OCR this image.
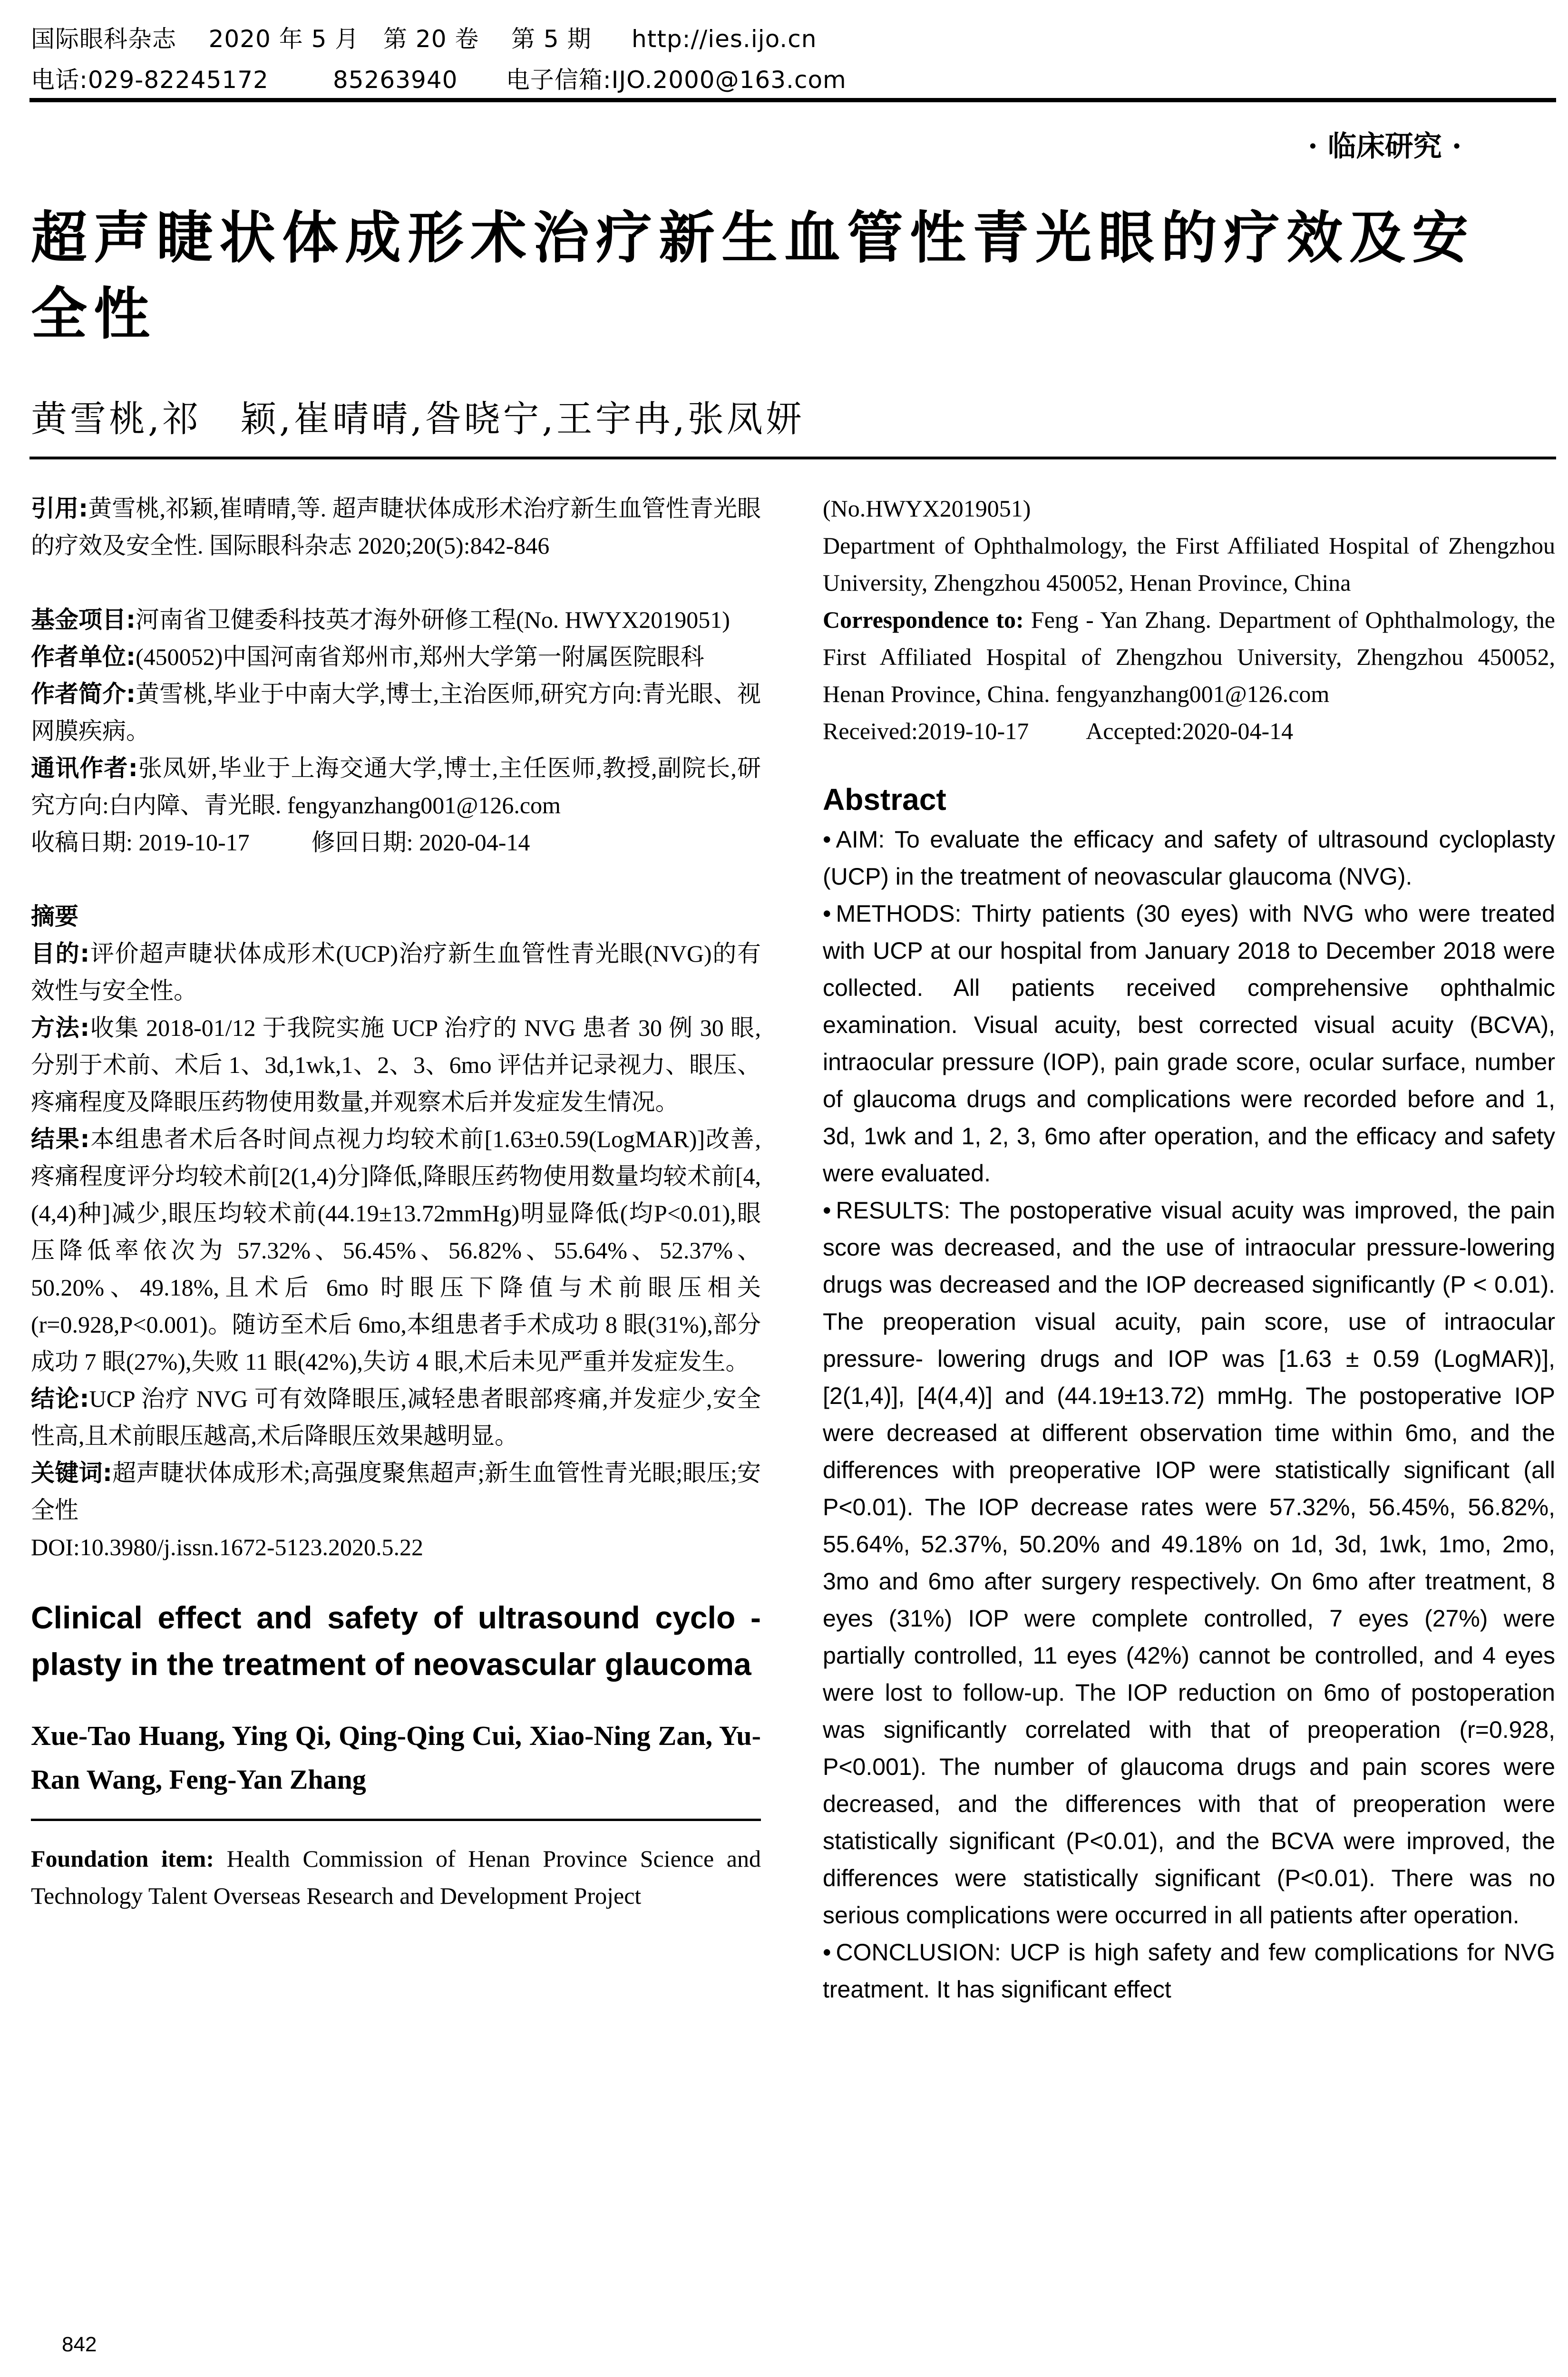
国际眼科杂志    2020 年 5 月   第 20 卷    第 5 期     http://ies.ijo.cn
电话:029-82245172        85263940      电子信箱:IJO.2000@163.com
· 临床研究 ·
超声睫状体成形术治疗新生血管性青光眼的疗效及安
全性
黄雪桃,祁　颖,崔晴晴,昝晓宁,王宇冉,张凤妍

引用:黄雪桃,祁颖,崔晴晴,等. 超声睫状体成形术治疗新生血管性青光眼的疗效及安全性. 国际眼科杂志 2020;20(5):842-846

基金项目:河南省卫健委科技英才海外研修工程(No. HWYX2019051)

作者单位:(450052)中国河南省郑州市,郑州大学第一附属医院眼科

作者简介:黄雪桃,毕业于中南大学,博士,主治医师,研究方向:青光眼、视网膜疾病。

通讯作者:张凤妍,毕业于上海交通大学,博士,主任医师,教授,副院长,研究方向:白内障、青光眼. fengyanzhang001@126.com

收稿日期: 2019-10-17	修回日期: 2020-04-14

摘要

目的:评价超声睫状体成形术(UCP)治疗新生血管性青光眼(NVG)的有效性与安全性。

方法:收集 2018-01/12 于我院实施 UCP 治疗的 NVG 患者 30 例 30 眼,分别于术前、术后 1、3d,1wk,1、2、3、6mo 评估并记录视力、眼压、疼痛程度及降眼压药物使用数量,并观察术后并发症发生情况。

结果:本组患者术后各时间点视力均较术前[1.63±0.59(LogMAR)]改善,疼痛程度评分均较术前[2(1,4)分]降低,降眼压药物使用数量均较术前[4,(4,4)种]减少,眼压均较术前(44.19±13.72mmHg)明显降低(均P<0.01),眼压降低率依次为 57.32%、56.45%、56.82%、55.64%、52.37%、50.20%、49.18%,且术后 6mo 时眼压下降值与术前眼压相关(r=0.928,P<0.001)。随访至术后 6mo,本组患者手术成功 8 眼(31%),部分成功 7 眼(27%),失败 11 眼(42%),失访 4 眼,术后未见严重并发症发生。

结论:UCP 治疗 NVG 可有效降眼压,减轻患者眼部疼痛,并发症少,安全性高,且术前眼压越高,术后降眼压效果越明显。

关键词:超声睫状体成形术;高强度聚焦超声;新生血管性青光眼;眼压;安全性

DOI:10.3980/j.issn.1672-5123.2020.5.22

Clinical effect and safety of ultrasound cyclo - plasty in the treatment of neovascular glaucoma
Xue-Tao Huang, Ying Qi, Qing-Qing Cui, Xiao-Ning Zan, Yu-Ran Wang, Feng-Yan Zhang

Foundation item: Health Commission of Henan Province Science and Technology Talent Overseas Research and Development Project

(No.HWYX2019051)

Department of Ophthalmology, the First Affiliated Hospital of Zhengzhou University, Zhengzhou 450052, Henan Province, China

Correspondence to: Feng - Yan Zhang. Department of Ophthalmology, the First Affiliated Hospital of Zhengzhou University, Zhengzhou 450052, Henan Province, China. fengyanzhang001@126.com

Received:2019-10-17 Accepted:2020-04-14

Abstract

• AIM: To evaluate the efficacy and safety of ultrasound cycloplasty (UCP) in the treatment of neovascular glaucoma (NVG).

• METHODS: Thirty patients (30 eyes) with NVG who were treated with UCP at our hospital from January 2018 to December 2018 were collected. All patients received comprehensive ophthalmic examination. Visual acuity, best corrected visual acuity (BCVA), intraocular pressure (IOP), pain grade score, ocular surface, number of glaucoma drugs and complications were recorded before and 1, 3d, 1wk and 1, 2, 3, 6mo after operation, and the efficacy and safety were evaluated.

• RESULTS: The postoperative visual acuity was improved, the pain score was decreased, and the use of intraocular pressure-lowering drugs was decreased and the IOP decreased significantly (P < 0.01). The preoperation visual acuity, pain score, use of intraocular pressure- lowering drugs and IOP was [1.63 ± 0.59 (LogMAR)], [2(1,4)], [4(4,4)] and (44.19±13.72) mmHg. The postoperative IOP were decreased at different observation time within 6mo, and the differences with preoperative IOP were statistically significant (all P<0.01). The IOP decrease rates were 57.32%, 56.45%, 56.82%, 55.64%, 52.37%, 50.20% and 49.18% on 1d, 3d, 1wk, 1mo, 2mo, 3mo and 6mo after surgery respectively. On 6mo after treatment, 8 eyes (31%) IOP were complete controlled, 7 eyes (27%) were partially controlled, 11 eyes (42%) cannot be controlled, and 4 eyes were lost to follow-up. The IOP reduction on 6mo of postoperation was significantly correlated with that of preoperation (r=0.928, P<0.001). The number of glaucoma drugs and pain scores were decreased, and the differences with that of preoperation were statistically significant (P<0.01), and the BCVA were improved, the differences were statistically significant (P<0.01). There was no serious complications were occurred in all patients after operation.

• CONCLUSION: UCP is high safety and few complications for NVG treatment. It has significant effect

842
